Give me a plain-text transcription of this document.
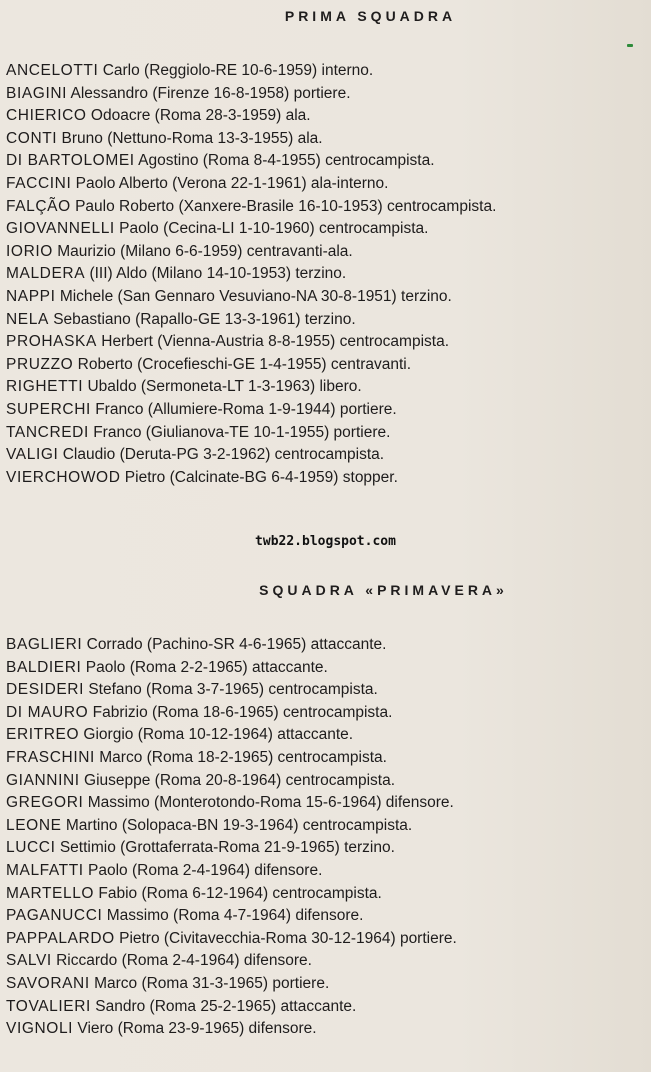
PRIMA SQUADRA
ANCELOTTI Carlo (Reggiolo-RE 10-6-1959) interno.
BIAGINI Alessandro (Firenze 16-8-1958) portiere.
CHIERICO Odoacre (Roma 28-3-1959) ala.
CONTI Bruno (Nettuno-Roma 13-3-1955) ala.
DI BARTOLOMEI Agostino (Roma 8-4-1955) centrocampista.
FACCINI Paolo Alberto (Verona 22-1-1961) ala-interno.
FALÇÃO Paulo Roberto (Xanxere-Brasile 16-10-1953) centrocampista.
GIOVANNELLI Paolo (Cecina-LI 1-10-1960) centrocampista.
IORIO Maurizio (Milano 6-6-1959) centravanti-ala.
MALDERA (III) Aldo (Milano 14-10-1953) terzino.
NAPPI Michele (San Gennaro Vesuviano-NA 30-8-1951) terzino.
NELA Sebastiano (Rapallo-GE 13-3-1961) terzino.
PROHASKA Herbert (Vienna-Austria 8-8-1955) centrocampista.
PRUZZO Roberto (Crocefieschi-GE 1-4-1955) centravanti.
RIGHETTI Ubaldo (Sermoneta-LT 1-3-1963) libero.
SUPERCHI Franco (Allumiere-Roma 1-9-1944) portiere.
TANCREDI Franco (Giulianova-TE 10-1-1955) portiere.
VALIGI Claudio (Deruta-PG 3-2-1962) centrocampista.
VIERCHOWOD Pietro (Calcinate-BG 6-4-1959) stopper.
twb22.blogspot.com
SQUADRA «PRIMAVERA»
BAGLIERI Corrado (Pachino-SR 4-6-1965) attaccante.
BALDIERI Paolo (Roma 2-2-1965) attaccante.
DESIDERI Stefano (Roma 3-7-1965) centrocampista.
DI MAURO Fabrizio (Roma 18-6-1965) centrocampista.
ERITREO Giorgio (Roma 10-12-1964) attaccante.
FRASCHINI Marco (Roma 18-2-1965) centrocampista.
GIANNINI Giuseppe (Roma 20-8-1964) centrocampista.
GREGORI Massimo (Monterotondo-Roma 15-6-1964) difensore.
LEONE Martino (Solopaca-BN 19-3-1964) centrocampista.
LUCCI Settimio (Grottaferrata-Roma 21-9-1965) terzino.
MALFATTI Paolo (Roma 2-4-1964) difensore.
MARTELLO Fabio (Roma 6-12-1964) centrocampista.
PAGANUCCI Massimo (Roma 4-7-1964) difensore.
PAPPALARDO Pietro (Civitavecchia-Roma 30-12-1964) portiere.
SALVI Riccardo (Roma 2-4-1964) difensore.
SAVORANI Marco (Roma 31-3-1965) portiere.
TOVALIERI Sandro (Roma 25-2-1965) attaccante.
VIGNOLI Viero (Roma 23-9-1965) difensore.
